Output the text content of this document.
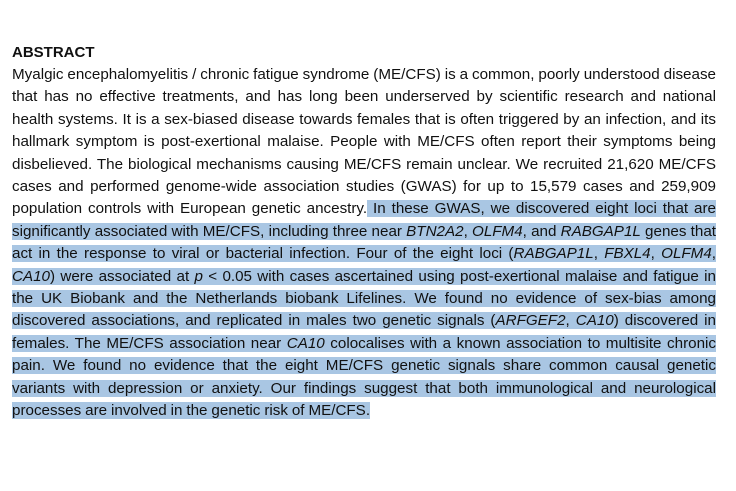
ABSTRACT

Myalgic encephalomyelitis / chronic fatigue syndrome (ME/CFS) is a common, poorly understood disease that has no effective treatments, and has long been underserved by scientific research and national health systems. It is a sex-biased disease towards females that is often triggered by an infection, and its hallmark symptom is post-exertional malaise. People with ME/CFS often report their symptoms being disbelieved. The biological mechanisms causing ME/CFS remain unclear. We recruited 21,620 ME/CFS cases and performed genome-wide association studies (GWAS) for up to 15,579 cases and 259,909 population controls with European genetic ancestry. In these GWAS, we discovered eight loci that are significantly associated with ME/CFS, including three near BTN2A2, OLFM4, and RABGAP1L genes that act in the response to viral or bacterial infection. Four of the eight loci (RABGAP1L, FBXL4, OLFM4, CA10) were associated at p < 0.05 with cases ascertained using post-exertional malaise and fatigue in the UK Biobank and the Netherlands biobank Lifelines. We found no evidence of sex-bias among discovered associations, and replicated in males two genetic signals (ARFGEF2, CA10) discovered in females. The ME/CFS association near CA10 colocalises with a known association to multisite chronic pain. We found no evidence that the eight ME/CFS genetic signals share common causal genetic variants with depression or anxiety. Our findings suggest that both immunological and neurological processes are involved in the genetic risk of ME/CFS.
